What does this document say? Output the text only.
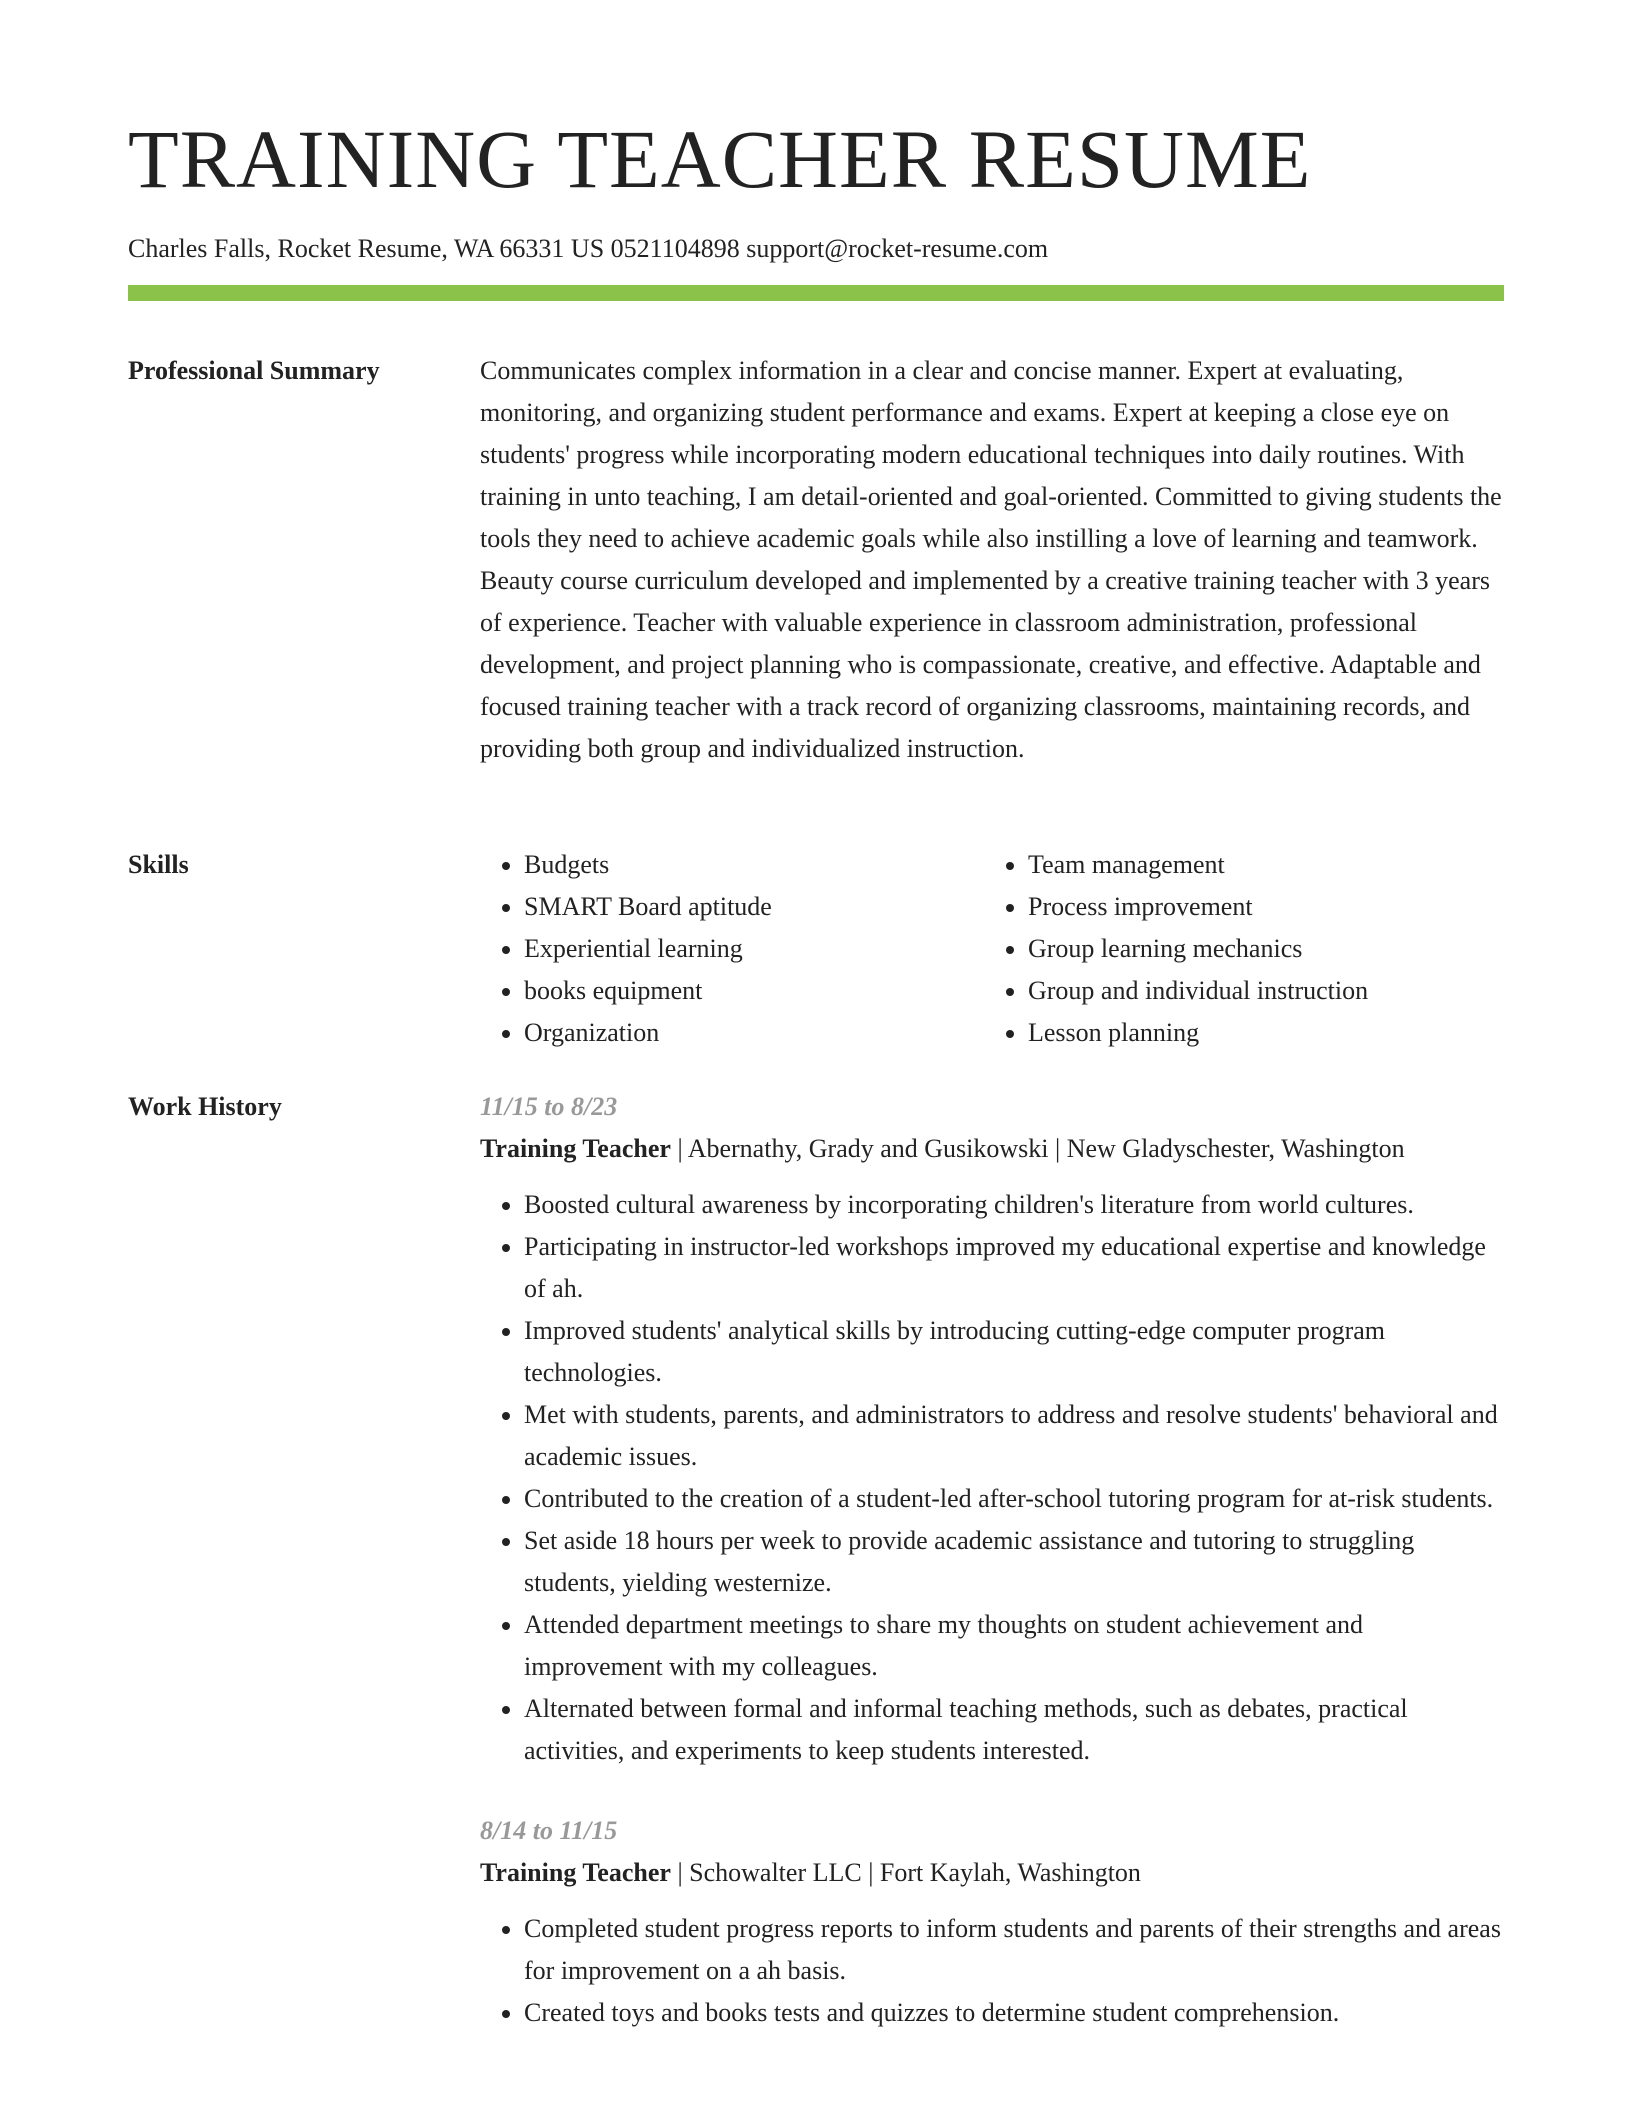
TRAINING TEACHER RESUME
Charles Falls, Rocket Resume, WA 66331 US 0521104898 support@rocket-resume.com
Professional Summary	Communicates complex information in a clear and concise manner. Expert at evaluating, monitoring, and organizing student performance and exams. Expert at keeping a close eye on students' progress while incorporating modern educational techniques into daily routines. With training in unto teaching, I am detail-oriented and goal-oriented. Committed to giving students the tools they need to achieve academic goals while also instilling a love of learning and teamwork. Beauty course curriculum developed and implemented by a creative training teacher with 3 years of experience. Teacher with valuable experience in classroom administration, professional development, and project planning who is compassionate, creative, and effective. Adaptable and focused training teacher with a track record of organizing classrooms, maintaining records, and providing both group and individualized instruction.

Skills
•	Budgets
• SMART Board aptitude
• Experiential learning
• books equipment
• Organization
• Team management
• Process improvement
• Group learning mechanics
• Group and individual instruction
• Lesson planning
Work History	11/15 to 8/23
Training Teacher | Abernathy, Grady and Gusikowski | New Gladyschester, Washington
• Boosted cultural awareness by incorporating children's literature from world cultures.
• Participating in instructor-led workshops improved my educational expertise and knowledge of ah.
• Improved students' analytical skills by introducing cutting-edge computer program technologies.
• Met with students, parents, and administrators to address and resolve students' behavioral and academic issues.
• Contributed to the creation of a student-led after-school tutoring program for at-risk students.
• Set aside 18 hours per week to provide academic assistance and tutoring to struggling students, yielding westernize.
• Attended department meetings to share my thoughts on student achievement and improvement with my colleagues.
• Alternated between formal and informal teaching methods, such as debates, practical activities, and experiments to keep students interested.
8/14 to 11/15
Training Teacher | Schowalter LLC | Fort Kaylah, Washington
• Completed student progress reports to inform students and parents of their strengths and areas for improvement on a ah basis.
• Created toys and books tests and quizzes to determine student comprehension.
